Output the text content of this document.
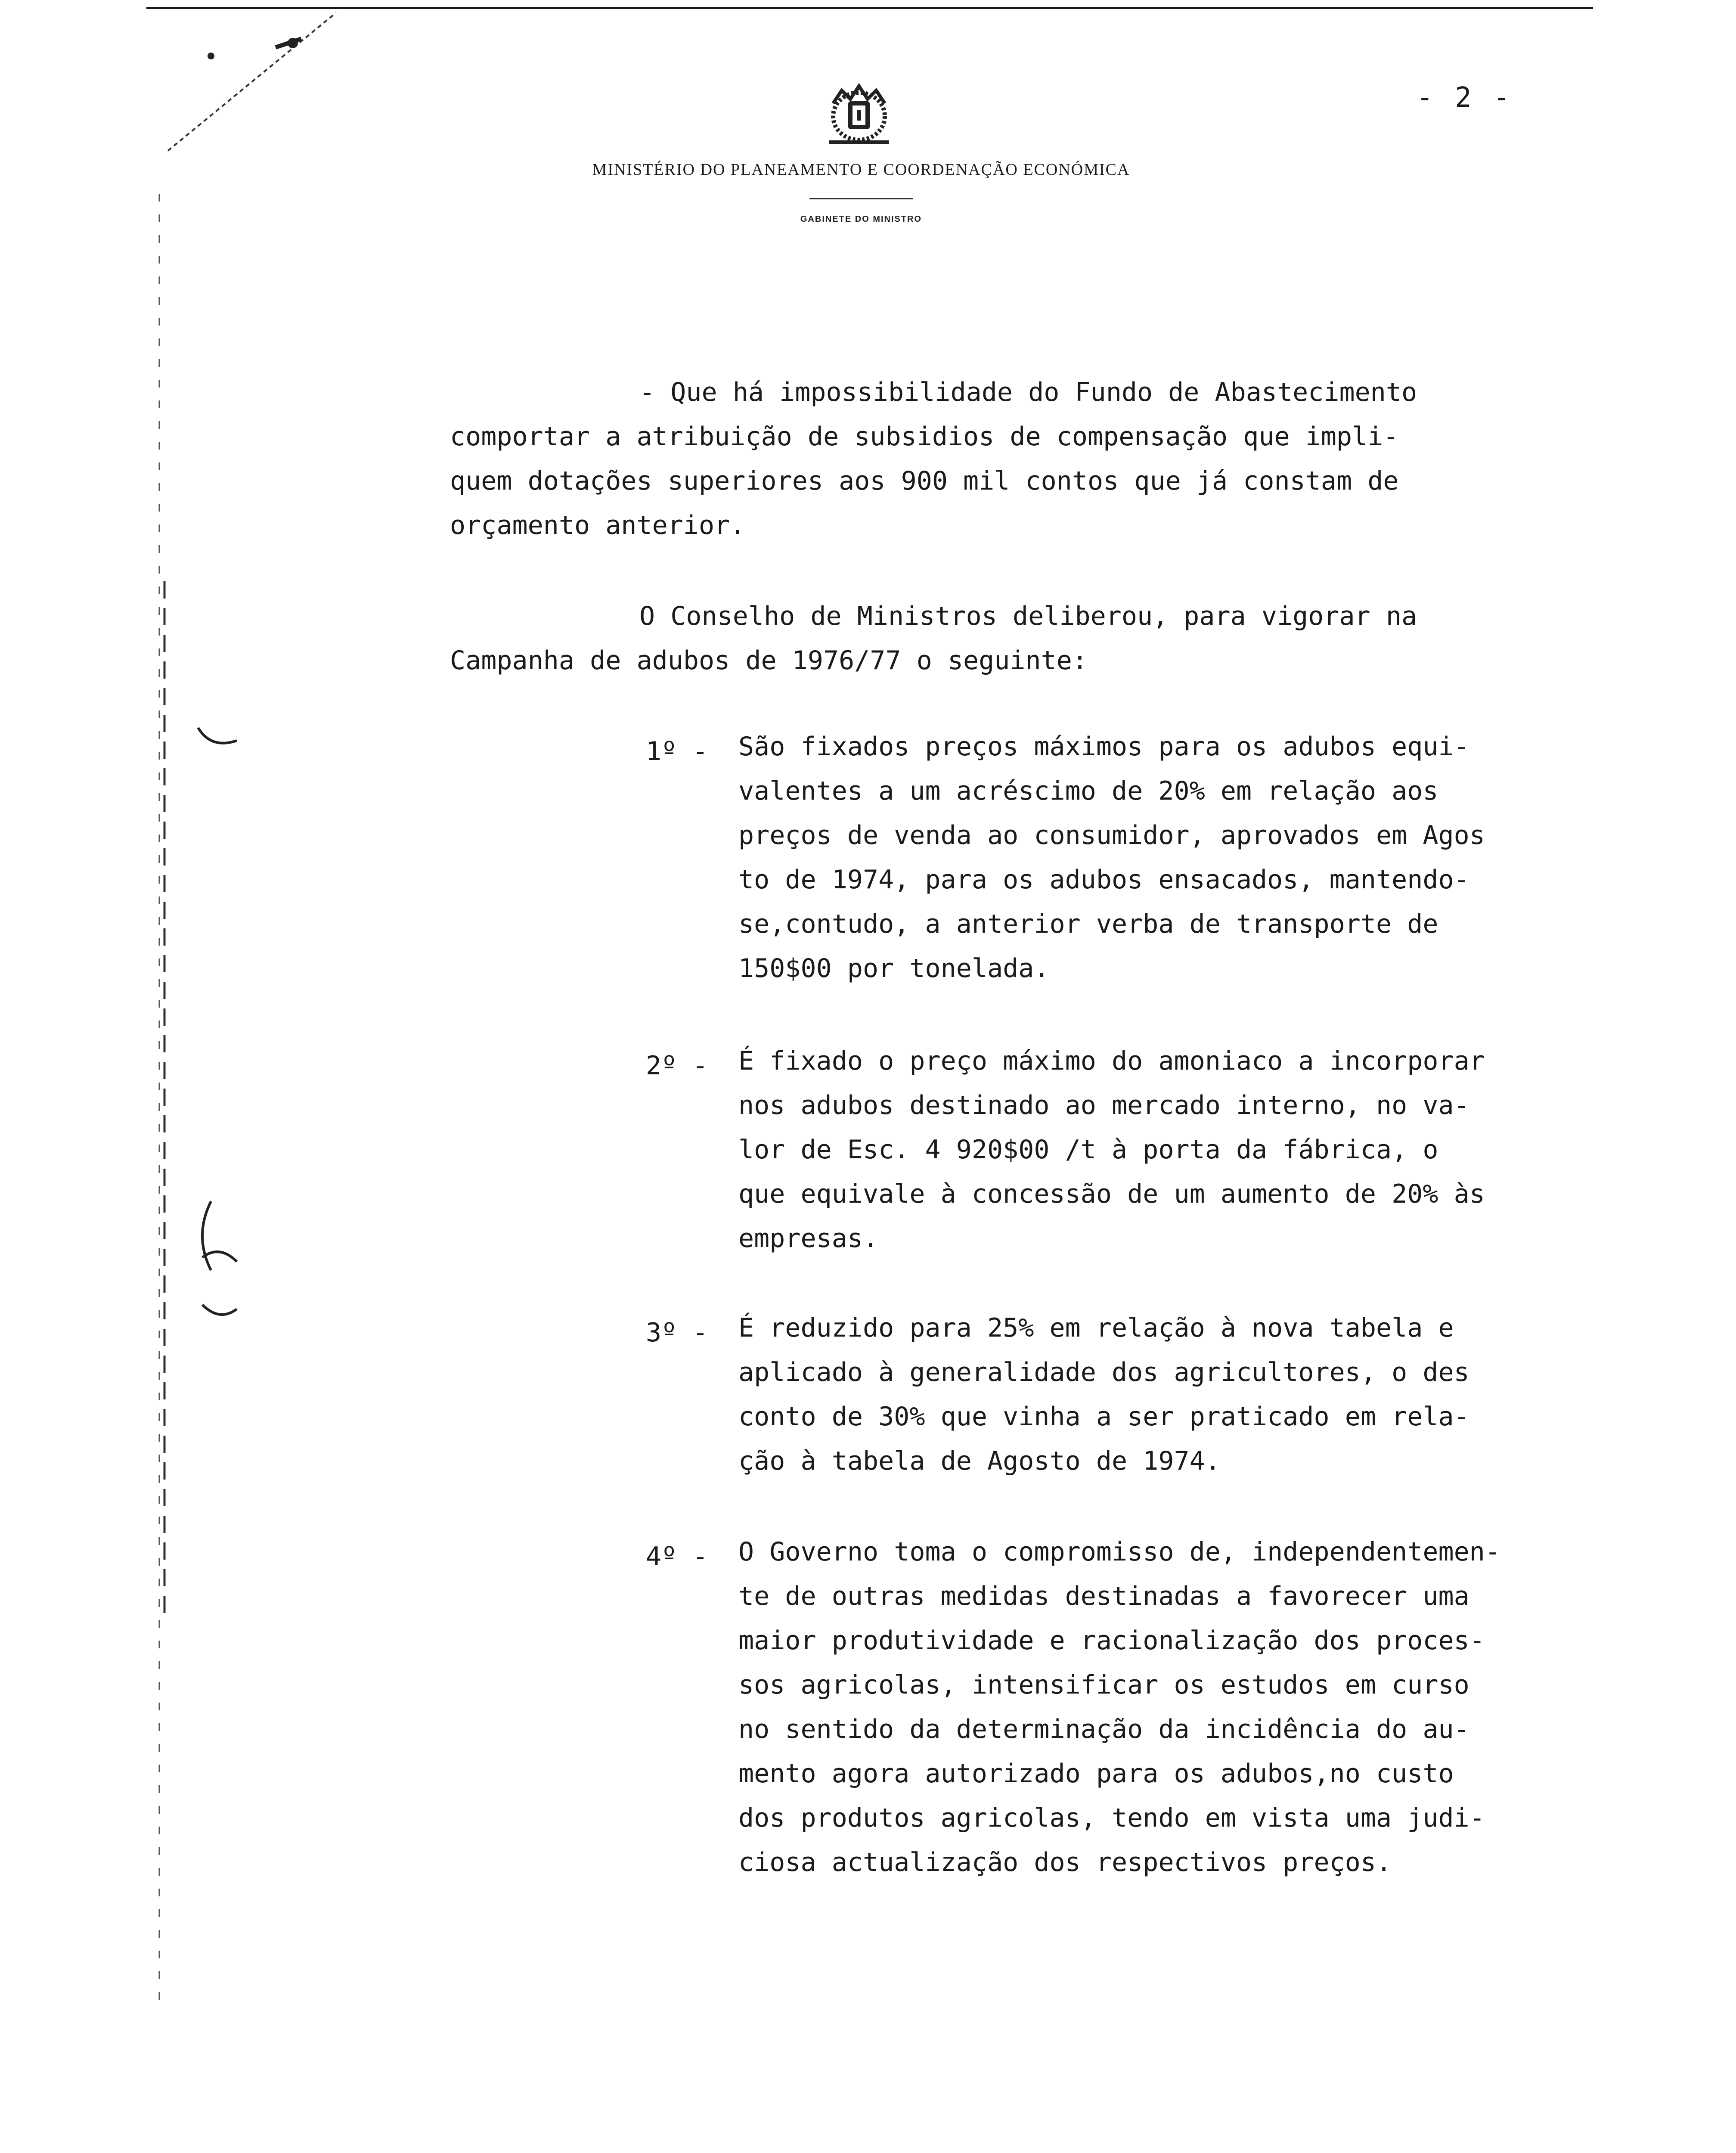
- 2 -
MINISTÉRIO DO PLANEAMENTO E COORDENAÇÃO ECONÓMICA
GABINETE DO MINISTRO
- Que há impossibilidade do Fundo de Abastecimento
comportar a atribuição de subsidios de compensação que impli-
quem dotações superiores aos 900 mil contos que já constam de
orçamento anterior.
O Conselho de Ministros deliberou, para vigorar na
Campanha de adubos de 1976/77 o seguinte:
1º - São fixados preços máximos para os adubos equi-
valentes a um acréscimo de 20% em relação aos
preços de venda ao consumidor, aprovados em Agos
to de 1974, para os adubos ensacados, mantendo-
se,contudo, a anterior verba de transporte de
150$00 por tonelada.
2º - É fixado o preço máximo do amoniaco a incorporar
nos adubos destinado ao mercado interno, no va-
lor de Esc. 4 920$00 /t à porta da fábrica, o
que equivale à concessão de um aumento de 20% às
empresas.
3º - É reduzido para 25% em relação à nova tabela e
aplicado à generalidade dos agricultores, o des
conto de 30% que vinha a ser praticado em rela-
ção à tabela de Agosto de 1974.
4º - O Governo toma o compromisso de, independentemen-
te de outras medidas destinadas a favorecer uma
maior produtividade e racionalização dos proces-
sos agricolas, intensificar os estudos em curso
no sentido da determinação da incidência do au-
mento agora autorizado para os adubos,no custo
dos produtos agricolas, tendo em vista uma judi-
ciosa actualização dos respectivos preços.
